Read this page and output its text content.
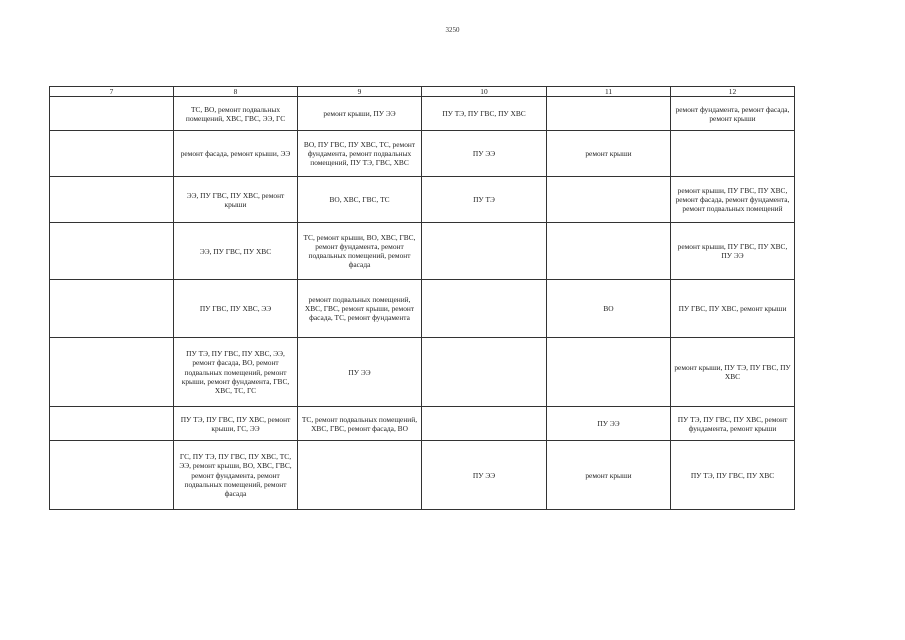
3250
7	8	9	10	11	12
	ТС, ВО, ремонт подвальных помещений, ХВС, ГВС, ЭЭ, ГС	ремонт крыши, ПУ ЭЭ	ПУ ТЭ, ПУ ГВС, ПУ ХВС		ремонт фундамента, ремонт фасада, ремонт крыши
	ремонт фасада, ремонт крыши, ЭЭ	ВО, ПУ ГВС, ПУ ХВС, ТС, ремонт фундамента, ремонт подвальных помещений, ПУ ТЭ, ГВС, ХВС	ПУ ЭЭ	ремонт крыши	
	ЭЭ, ПУ ГВС, ПУ ХВС, ремонт крыши	ВО, ХВС, ГВС, ТС	ПУ ТЭ		ремонт крыши, ПУ ГВС, ПУ ХВС, ремонт фасада, ремонт фундамента, ремонт подвальных помещений
	ЭЭ, ПУ ГВС, ПУ ХВС	ТС, ремонт крыши, ВО, ХВС, ГВС, ремонт фундамента, ремонт подвальных помещений, ремонт фасада			ремонт крыши, ПУ ГВС, ПУ ХВС, ПУ ЭЭ
	ПУ ГВС, ПУ ХВС, ЭЭ	ремонт подвальных помещений, ХВС, ГВС, ремонт крыши, ремонт фасада, ТС, ремонт фундамента		ВО	ПУ ГВС, ПУ ХВС, ремонт крыши
	ПУ ТЭ, ПУ ГВС, ПУ ХВС, ЭЭ, ремонт фасада, ВО, ремонт подвальных помещений, ремонт крыши, ремонт фундамента, ГВС, ХВС, ТС, ГС	ПУ ЭЭ			ремонт крыши, ПУ ТЭ, ПУ ГВС, ПУ ХВС
	ПУ ТЭ, ПУ ГВС, ПУ ХВС, ремонт крыши, ГС, ЭЭ	ТС, ремонт подвальных помещений, ХВС, ГВС, ремонт фасада, ВО		ПУ ЭЭ	ПУ ТЭ, ПУ ГВС, ПУ ХВС, ремонт фундамента, ремонт крыши
	ГС, ПУ ТЭ, ПУ ГВС, ПУ ХВС, ТС, ЭЭ, ремонт крыши, ВО, ХВС, ГВС, ремонт фундамента, ремонт подвальных помещений, ремонт фасада		ПУ ЭЭ	ремонт крыши	ПУ ТЭ, ПУ ГВС, ПУ ХВС
